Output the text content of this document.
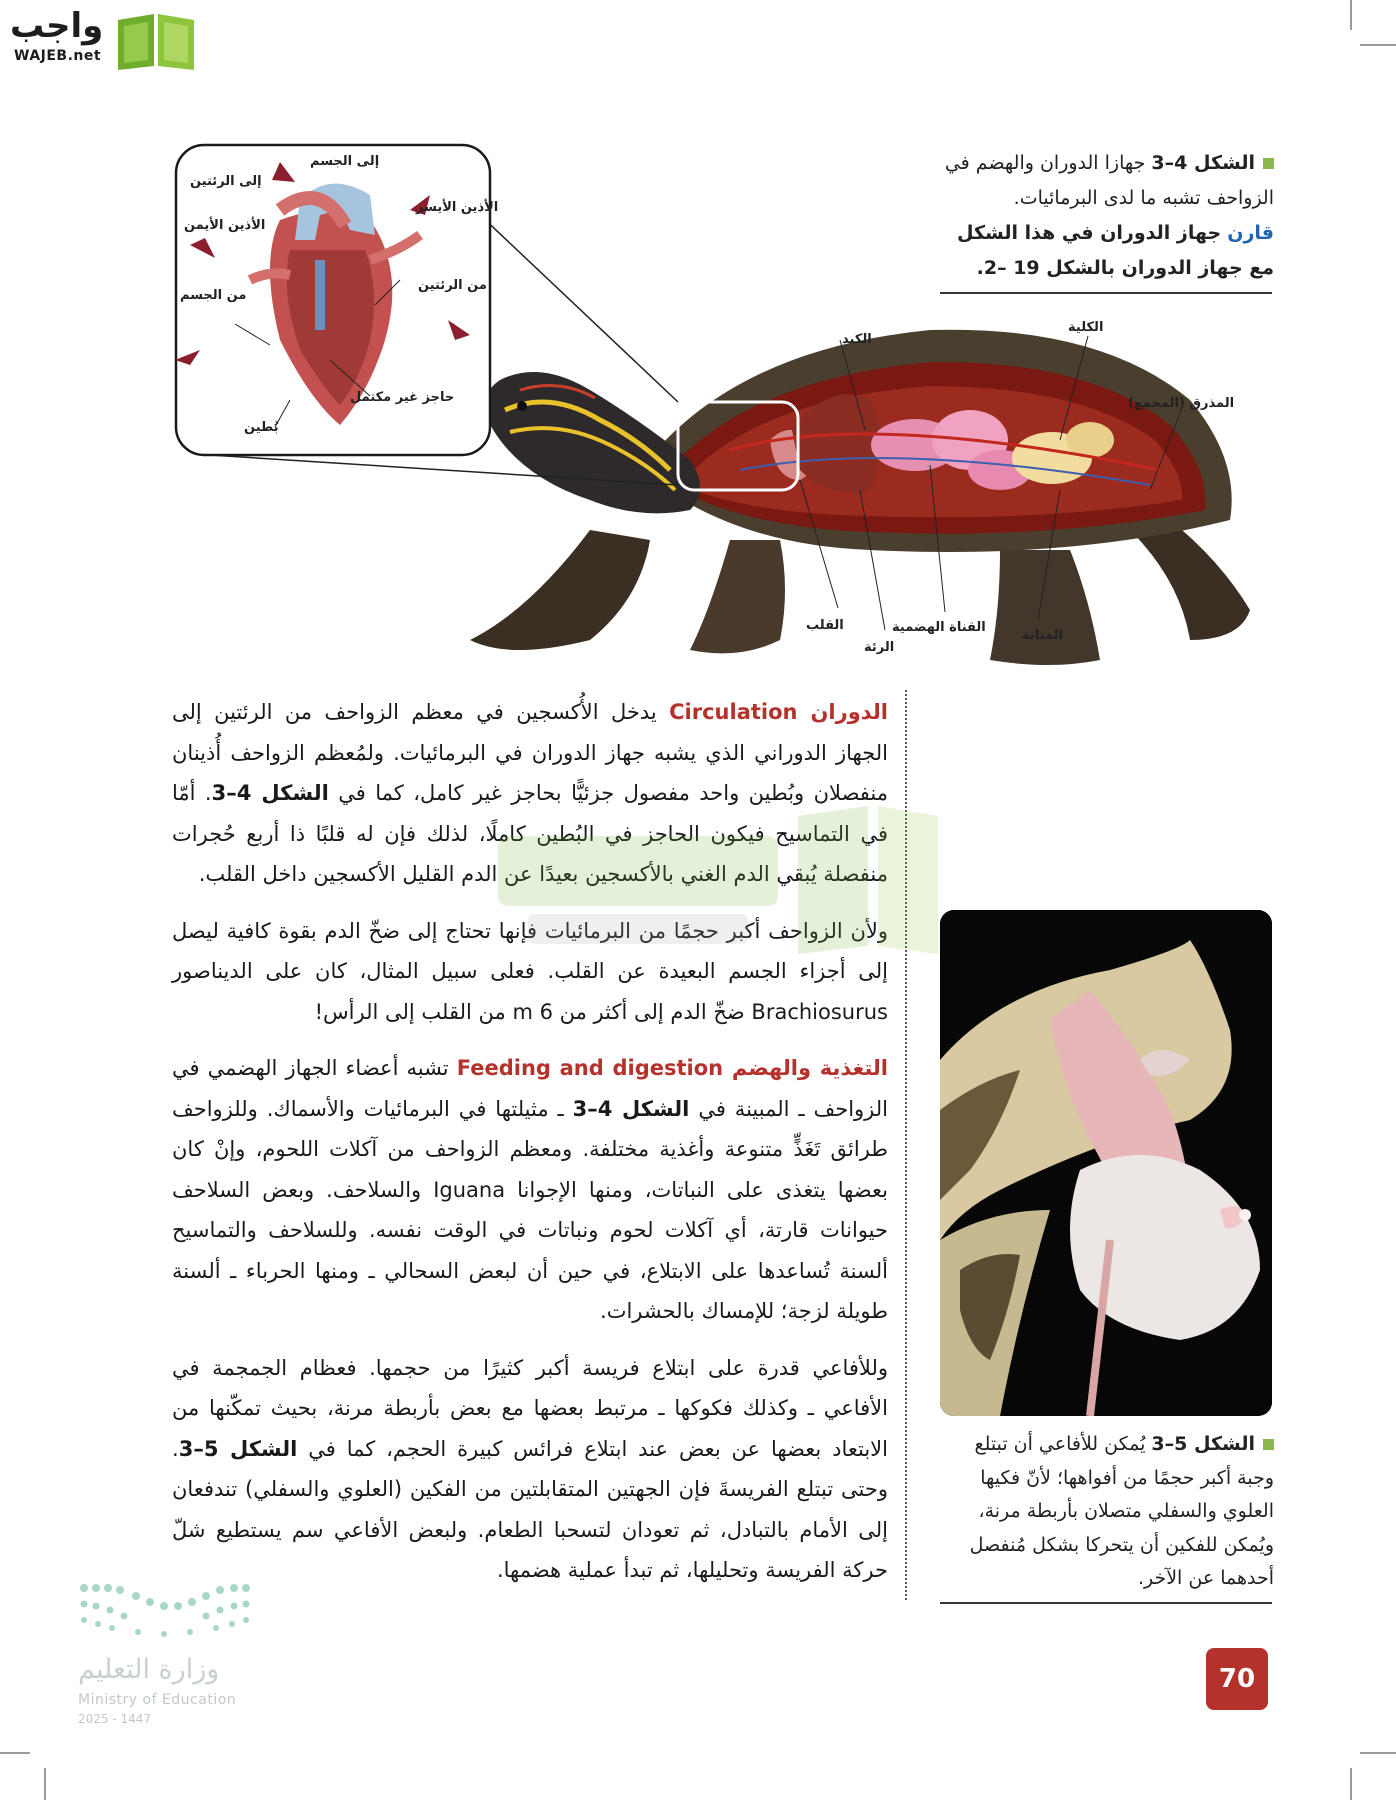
واجب
WAJEB.net
الشكل 4–3 جهازا الدوران والهضم في الزواحف تشبه ما لدى البرمائيات.
قارن جهاز الدوران في هذا الشكل مع جهاز الدوران بالشكل 19 –2.
الكبد
الكلية
المذرق (المجمع)
القلب
الرئة
القناة الهضمية
المثانة
إلى الجسم
إلى الرئتين
الأذين الأيسر
الأذين الأيمن
من الرئتين
من الجسم
حاجز غير مكتمل
بُطين

الدوران Circulation يدخل الأُكسجين في معظم الزواحف من الرئتين إلى الجهاز الدوراني الذي يشبه جهاز الدوران في البرمائيات. ولمُعظم الزواحف أُذينان منفصلان وبُطين واحد مفصول جزئيًّا بحاجز غير كامل، كما في الشكل 4–3. أمّا في التماسيح فيكون الحاجز في البُطين كاملًا، لذلك فإن له قلبًا ذا أربع حُجرات منفصلة يُبقي الدم الغني بالأكسجين بعيدًا عن الدم القليل الأكسجين داخل القلب.

ولأن الزواحف أكبر حجمًا من البرمائيات فإنها تحتاج إلى ضخّ الدم بقوة كافية ليصل إلى أجزاء الجسم البعيدة عن القلب. فعلى سبيل المثال، كان على الديناصور Brachiosurus ضخّ الدم إلى أكثر من 6 m من القلب إلى الرأس!

التغذية والهضم Feeding and digestion تشبه أعضاء الجهاز الهضمي في الزواحف ـ المبينة في الشكل 4–3 ـ مثيلتها في البرمائيات والأسماك. وللزواحف طرائق تَغَذٍّ متنوعة وأغذية مختلفة. ومعظم الزواحف من آكلات اللحوم، وإنْ كان بعضها يتغذى على النباتات، ومنها الإجوانا Iguana والسلاحف. وبعض السلاحف حيوانات قارتة، أي آكلات لحوم ونباتات في الوقت نفسه. وللسلاحف والتماسيح ألسنة تُساعدها على الابتلاع، في حين أن لبعض السحالي ـ ومنها الحرباء ـ ألسنة طويلة لزجة؛ للإمساك بالحشرات.

وللأفاعي قدرة على ابتلاع فريسة أكبر كثيرًا من حجمها. فعظام الجمجمة في الأفاعي ـ وكذلك فكوكها ـ مرتبط بعضها مع بعض بأربطة مرنة، بحيث تمكّنها من الابتعاد بعضها عن بعض عند ابتلاع فرائس كبيرة الحجم، كما في الشكل 5–3. وحتى تبتلع الفريسةَ فإن الجهتين المتقابلتين من الفكين (العلوي والسفلي) تندفعان إلى الأمام بالتبادل، ثم تعودان لتسحبا الطعام. ولبعض الأفاعي سم يستطيع شلّ حركة الفريسة وتحليلها، ثم تبدأ عملية هضمها.

الشكل 5–3 يُمكن للأفاعي أن تبتلع وجبة أكبر حجمًا من أفواهها؛ لأنّ فكيها العلوي والسفلي متصلان بأربطة مرنة، ويُمكن للفكين أن يتحركا بشكل مُنفصل أحدهما عن الآخر.
وزارة التعليم
Ministry of Education
2025 - 1447
70
